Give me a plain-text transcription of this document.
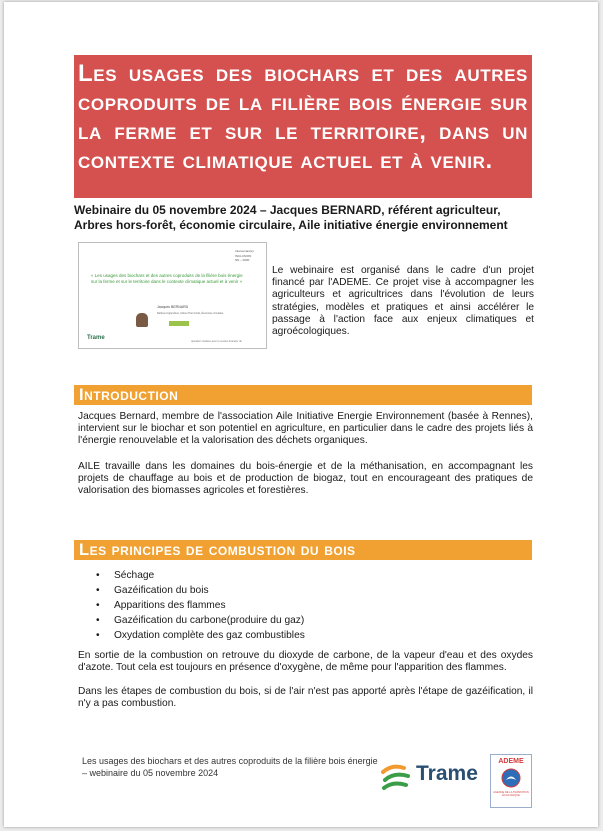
Les usages des biochars et des autres coproduits de la filière bois énergie sur la ferme et sur le territoire, dans un contexte climatique actuel et à venir.
Webinaire du 05 novembre 2024 – Jacques BERNARD, référent agriculteur, Arbres hors-forêt, économie circulaire, Aile initiative énergie environnement
Intervenant(e)
INCLUSION
NN – 0000
« Les usages des biochars et des autres coproduits de la filière bois énergie sur la ferme et sur le territoire dans le contexte climatique actuel et à venir »
Jacques BERNARD
Référent Agriculteur, Arbres Hors Forêt, Économie circulaire
Trame
opération réalisée avec le soutien financier de
Le webinaire est organisé dans le cadre d'un projet financé par l'ADEME. Ce projet vise à accompagner les agriculteurs et agricultrices dans l'évolution de leurs stratégies, modèles et pratiques et ainsi accélérer le passage à l'action face aux enjeux climatiques et agroécologiques.
Introduction
Jacques Bernard, membre de l'association Aile Initiative Energie Environnement (basée à Rennes), intervient sur le biochar et son potentiel en agriculture, en particulier dans le cadre des projets liés à l'énergie renouvelable et la valorisation des déchets organiques.
AILE travaille dans les domaines du bois-énergie et de la méthanisation, en accompagnant les projets de chauffage au bois et de production de biogaz, tout en encourageant des pratiques de valorisation des biomasses agricoles et forestières.
Les principes de combustion du bois
• Séchage
• Gazéification du bois
• Apparitions des flammes
• Gazéification du carbone(produire du gaz)
• Oxydation complète des gaz combustibles
En sortie de la combustion on retrouve du dioxyde de carbone, de la vapeur d'eau et des oxydes d'azote. Tout cela est toujours en présence d'oxygène, de même pour l'apparition des flammes.
Dans les étapes de combustion du bois, si de l'air n'est pas apporté après l'étape de gazéification, il n'y a pas combustion.
Les usages des biochars et des autres coproduits de la filière bois énergie
– webinaire du 05 novembre 2024	Trame
ADEME
AGENCE DE LA TRANSITION ÉCOLOGIQUE
